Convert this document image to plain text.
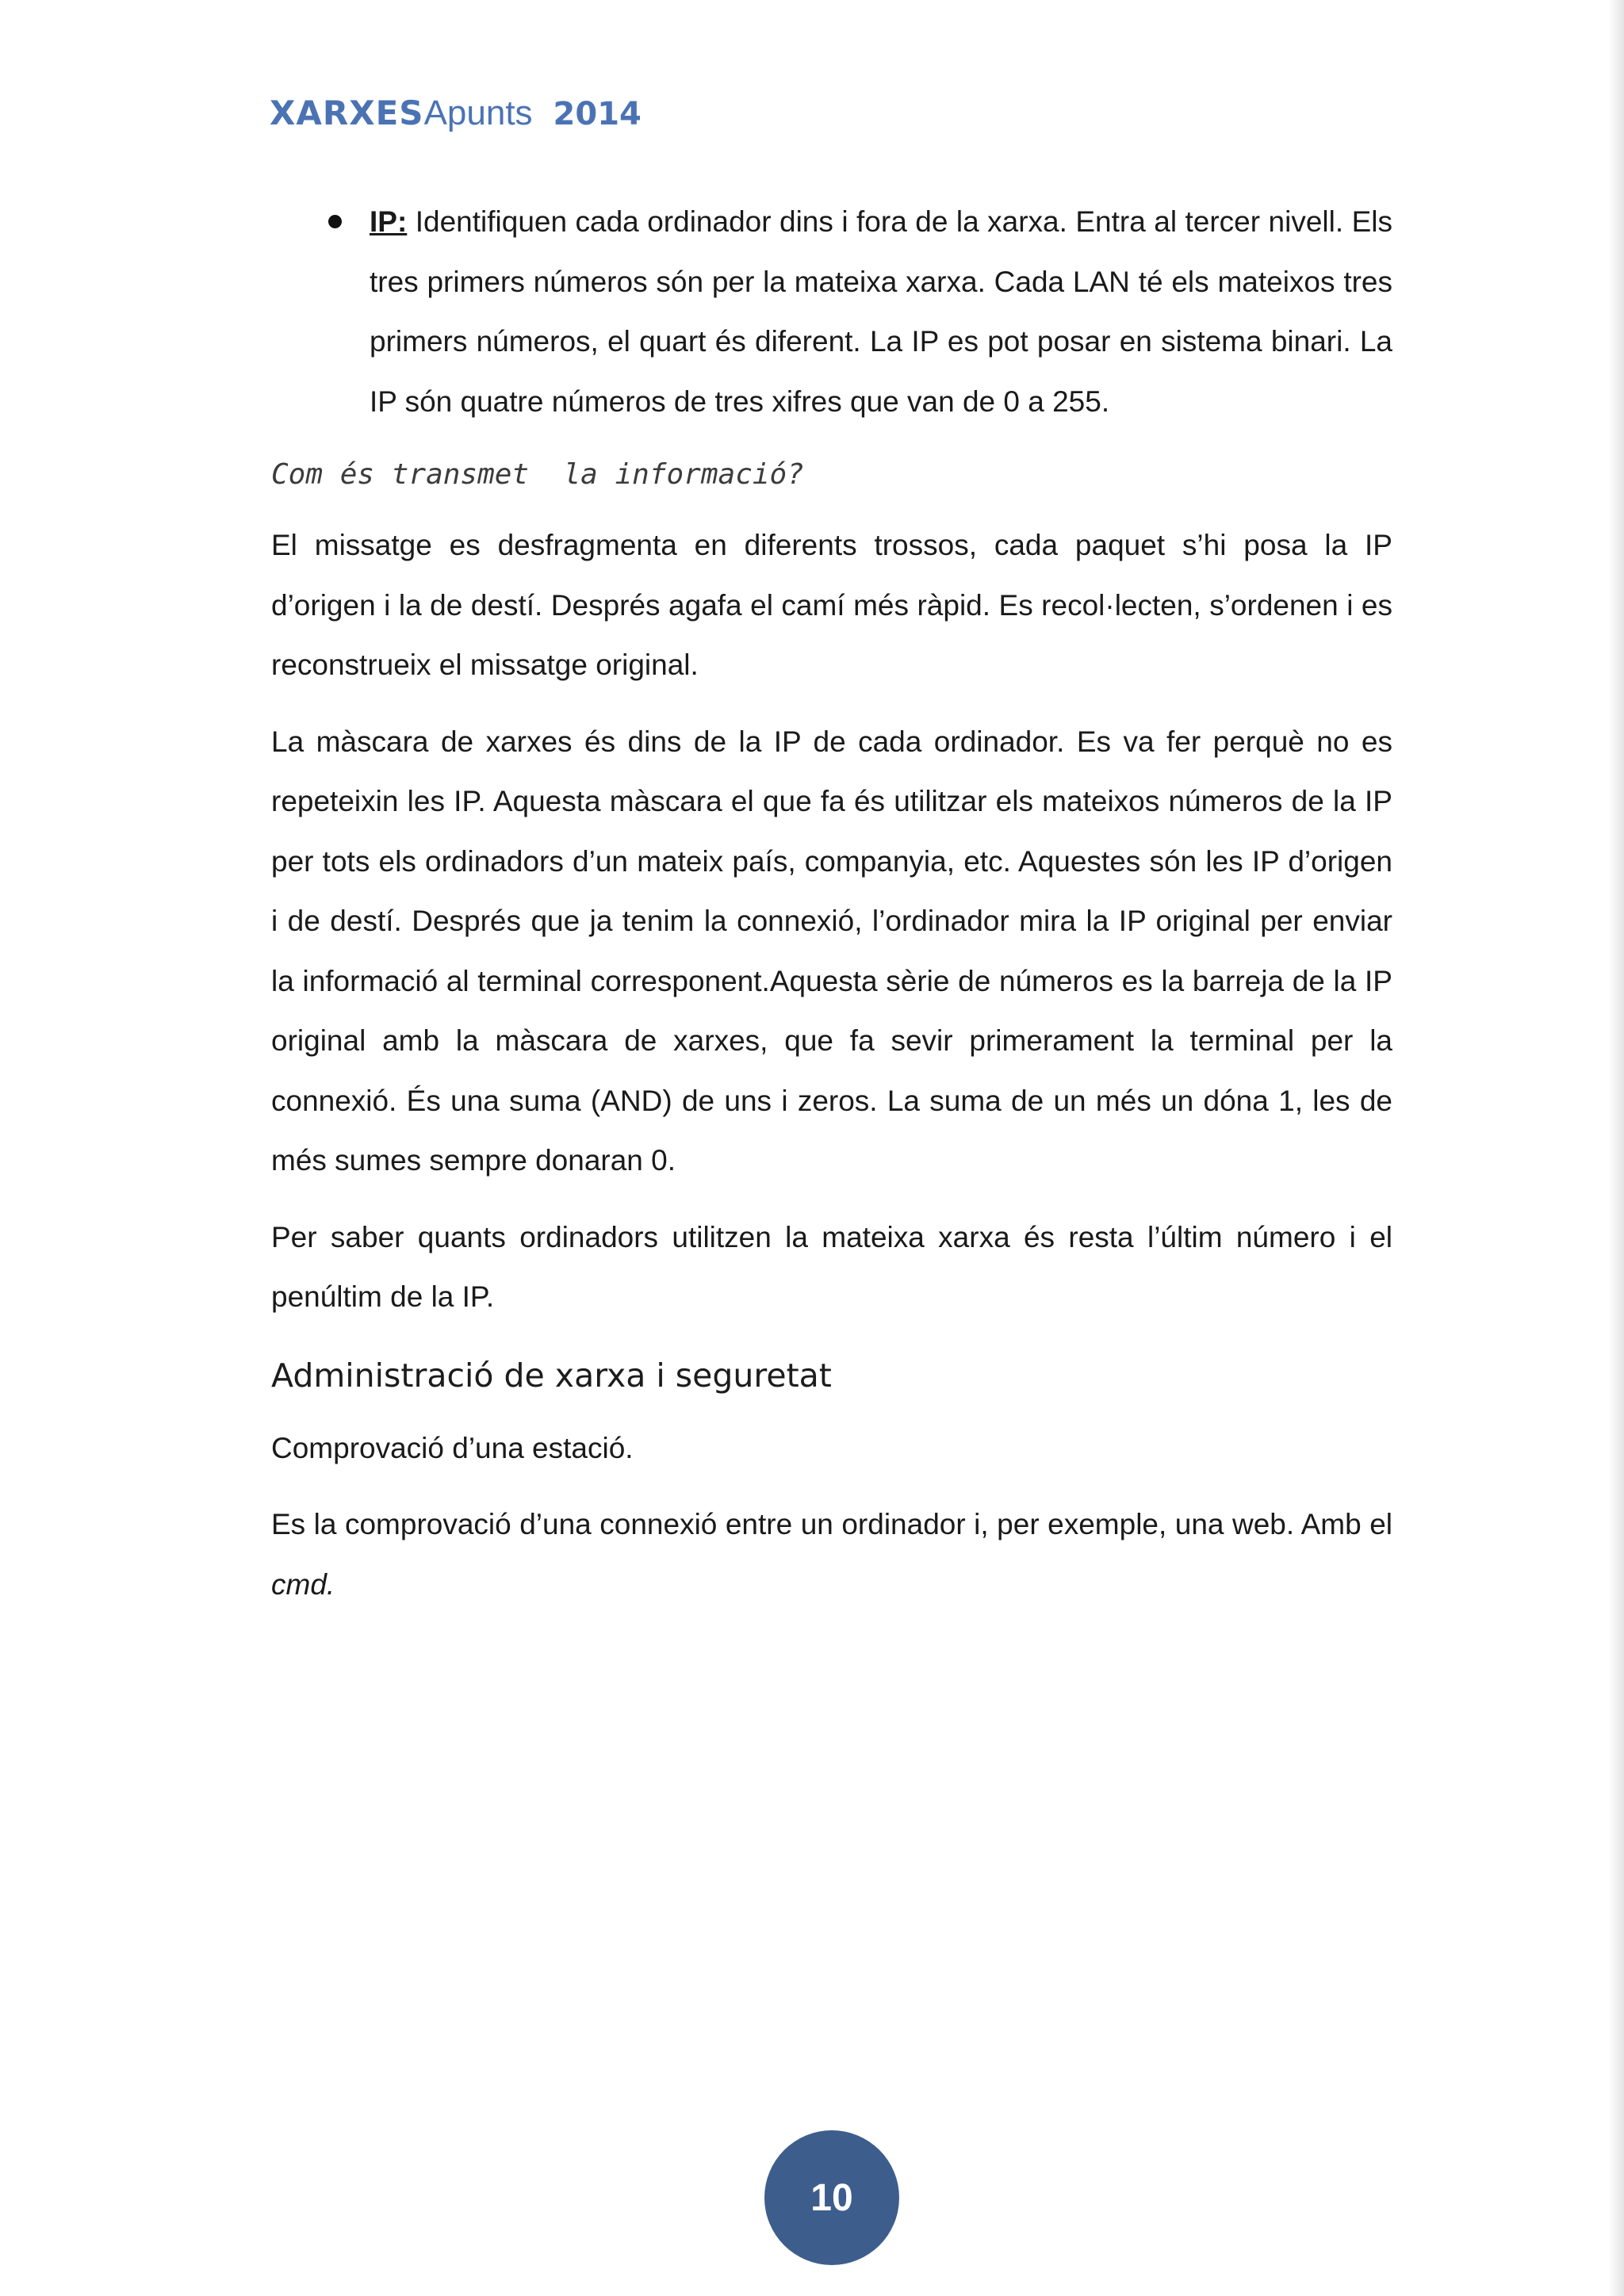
XARXES Apunts 2014
IP: Identifiquen cada ordinador dins i fora de la xarxa. Entra al tercer nivell. Els tres primers números són per la mateixa xarxa. Cada LAN té els mateixos tres primers números, el quart és diferent. La IP es pot posar en sistema binari. La IP són quatre números de tres xifres que van de 0 a 255.
Com és transmet  la informació?

El missatge es desfragmenta en diferents trossos, cada paquet s’hi posa la IP d’origen i la de destí. Després agafa el camí més ràpid. Es recol·lecten, s’ordenen i es reconstrueix el missatge original.

La màscara de xarxes és dins de la IP de cada ordinador. Es va fer perquè no es repeteixin les IP. Aquesta màscara el que fa és utilitzar els mateixos números de la IP per tots els ordinadors d’un mateix país, companyia, etc. Aquestes són les IP d’origen i de destí. Després que ja tenim la connexió, l’ordinador mira la IP original per enviar la informació al terminal corresponent.Aquesta sèrie de números es la barreja de la IP original amb la màscara de xarxes, que fa sevir primerament la terminal per la connexió. És una suma (AND) de uns i zeros. La suma de un més un dóna 1, les de més sumes sempre donaran 0.

Per saber quants ordinadors utilitzen la mateixa xarxa és resta l’últim número i el penúltim de la IP.

Administració de xarxa i seguretat

Comprovació d’una estació.

Es la comprovació d’una connexió entre un ordinador i, per exemple, una web. Amb el cmd.

10
